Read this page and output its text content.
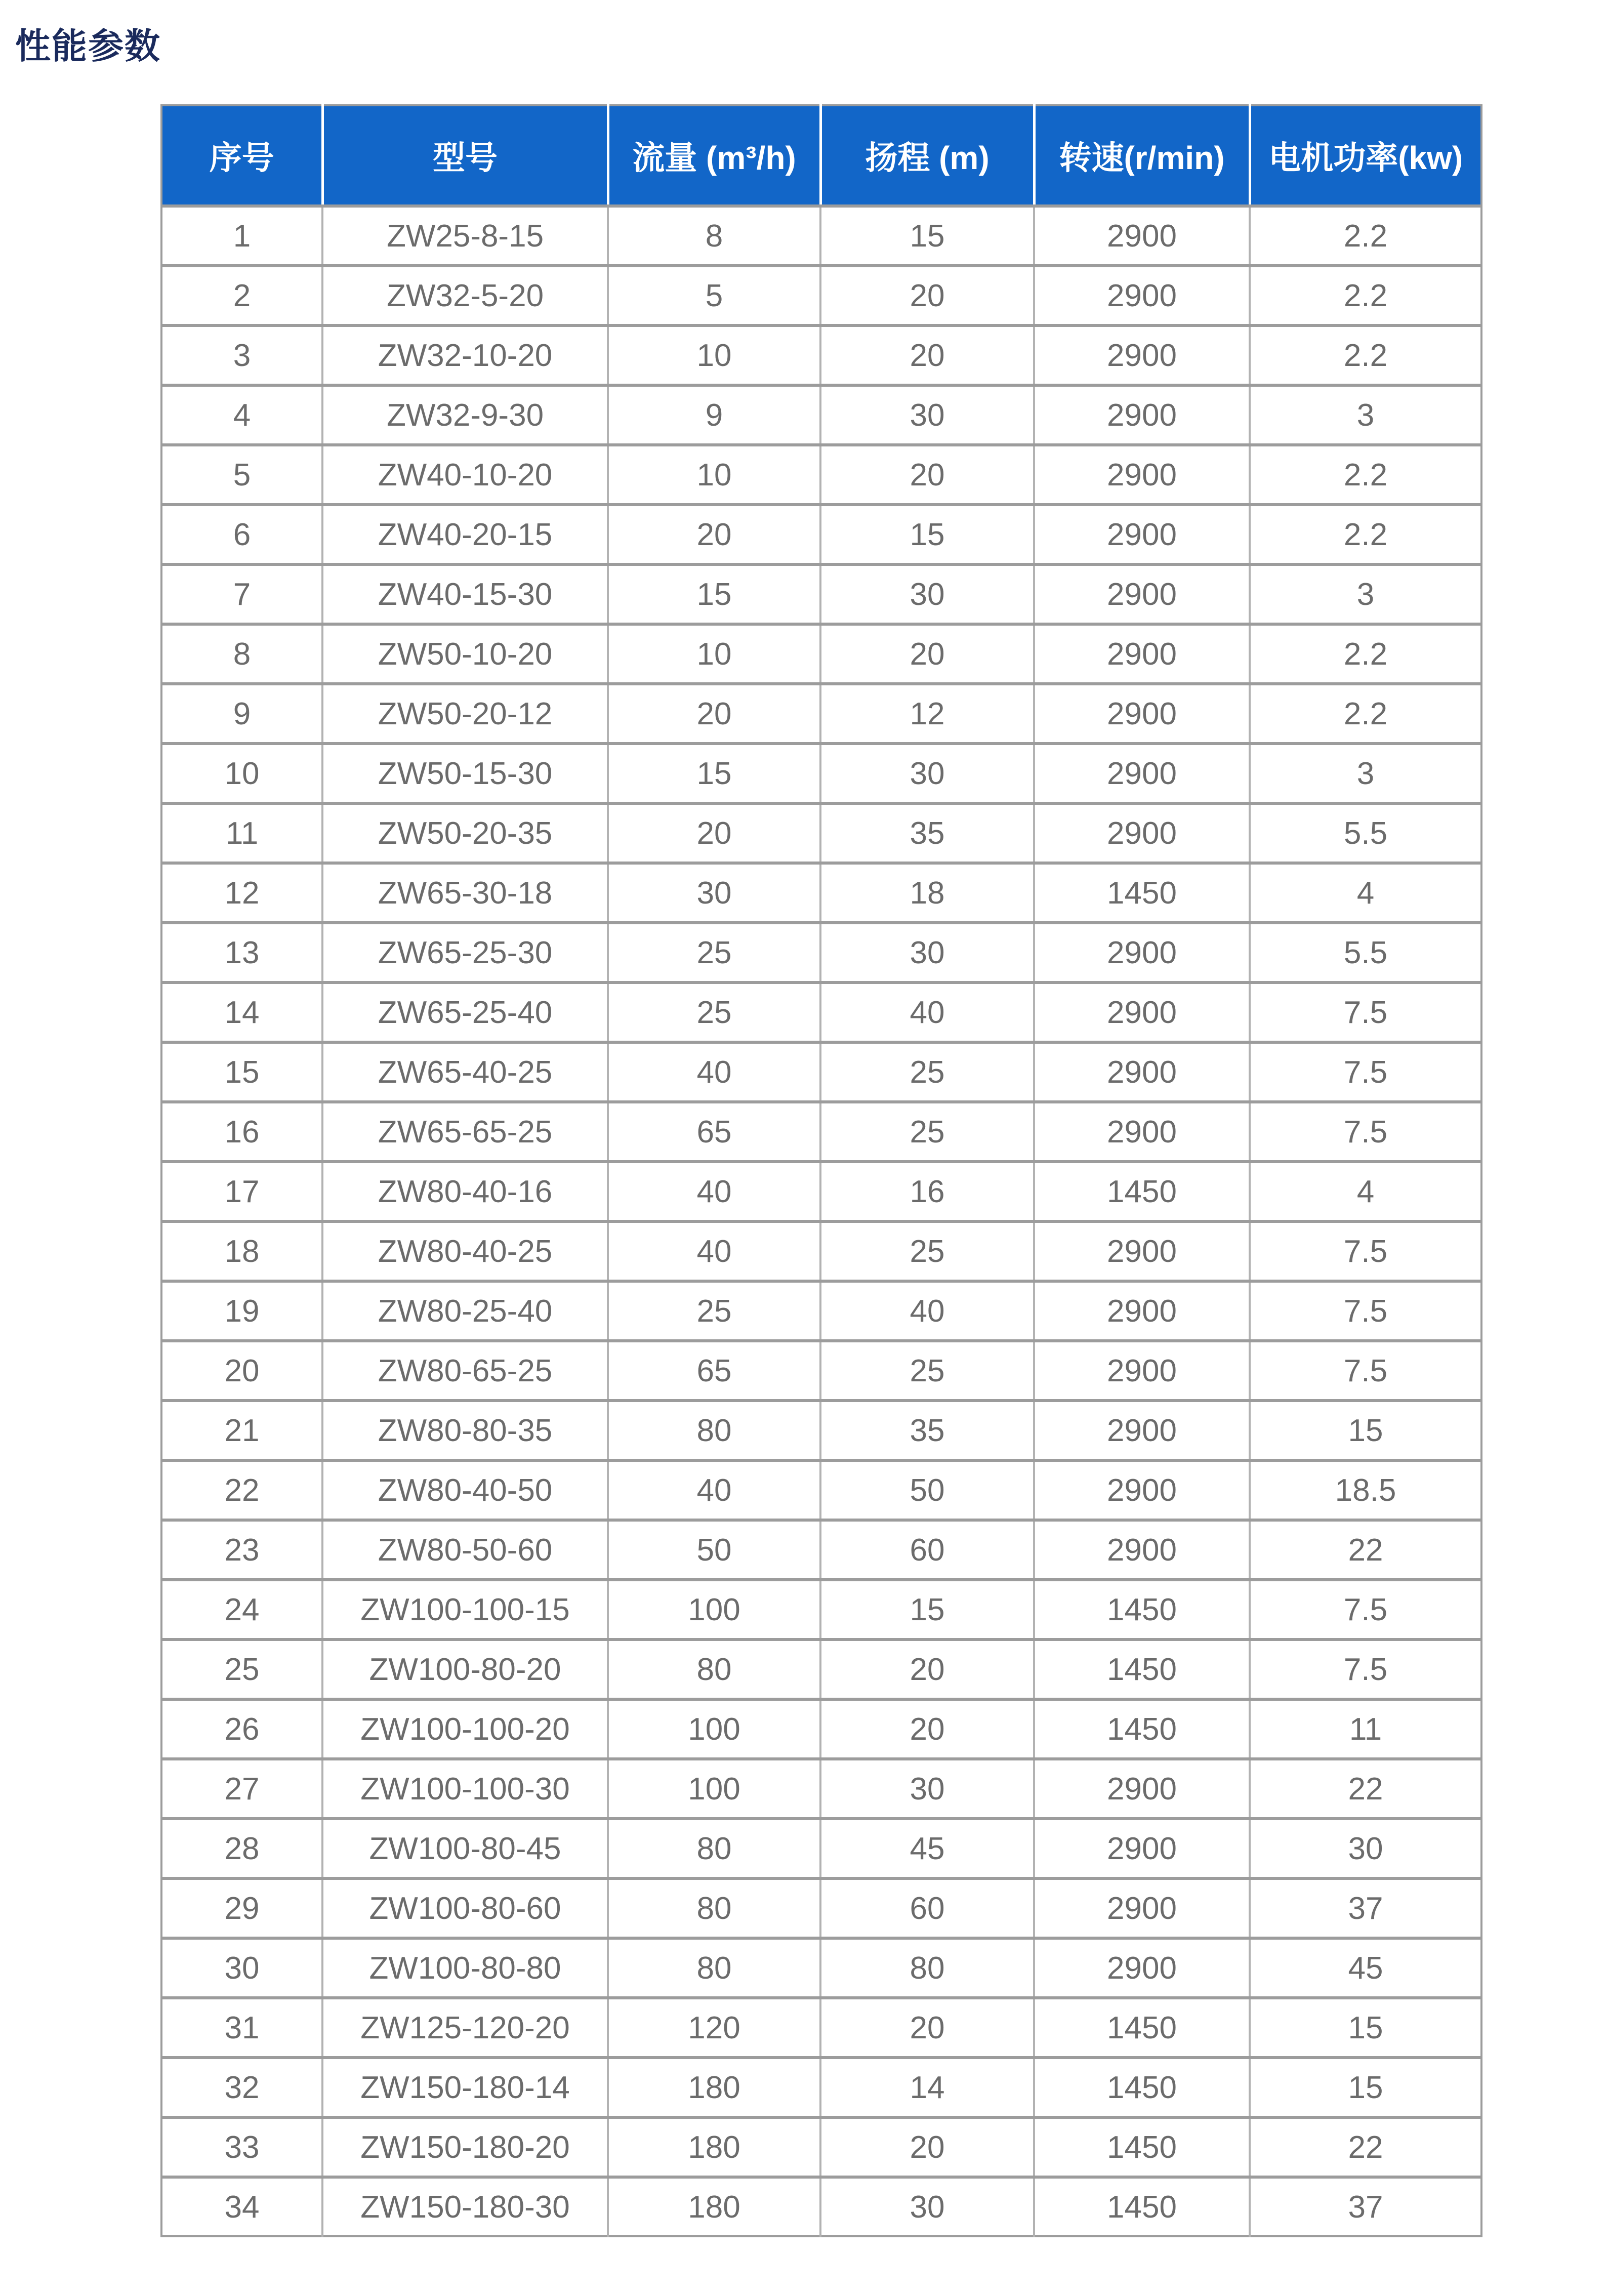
性能参数
序号	型号	流量 (m³/h)	扬程 (m)	转速(r/min)	电机功率(kw)
1	ZW25-8-15	8	15	2900	2.2
2	ZW32-5-20	5	20	2900	2.2
3	ZW32-10-20	10	20	2900	2.2
4	ZW32-9-30	9	30	2900	3
5	ZW40-10-20	10	20	2900	2.2
6	ZW40-20-15	20	15	2900	2.2
7	ZW40-15-30	15	30	2900	3
8	ZW50-10-20	10	20	2900	2.2
9	ZW50-20-12	20	12	2900	2.2
10	ZW50-15-30	15	30	2900	3
11	ZW50-20-35	20	35	2900	5.5
12	ZW65-30-18	30	18	1450	4
13	ZW65-25-30	25	30	2900	5.5
14	ZW65-25-40	25	40	2900	7.5
15	ZW65-40-25	40	25	2900	7.5
16	ZW65-65-25	65	25	2900	7.5
17	ZW80-40-16	40	16	1450	4
18	ZW80-40-25	40	25	2900	7.5
19	ZW80-25-40	25	40	2900	7.5
20	ZW80-65-25	65	25	2900	7.5
21	ZW80-80-35	80	35	2900	15
22	ZW80-40-50	40	50	2900	18.5
23	ZW80-50-60	50	60	2900	22
24	ZW100-100-15	100	15	1450	7.5
25	ZW100-80-20	80	20	1450	7.5
26	ZW100-100-20	100	20	1450	11
27	ZW100-100-30	100	30	2900	22
28	ZW100-80-45	80	45	2900	30
29	ZW100-80-60	80	60	2900	37
30	ZW100-80-80	80	80	2900	45
31	ZW125-120-20	120	20	1450	15
32	ZW150-180-14	180	14	1450	15
33	ZW150-180-20	180	20	1450	22
34	ZW150-180-30	180	30	1450	37
